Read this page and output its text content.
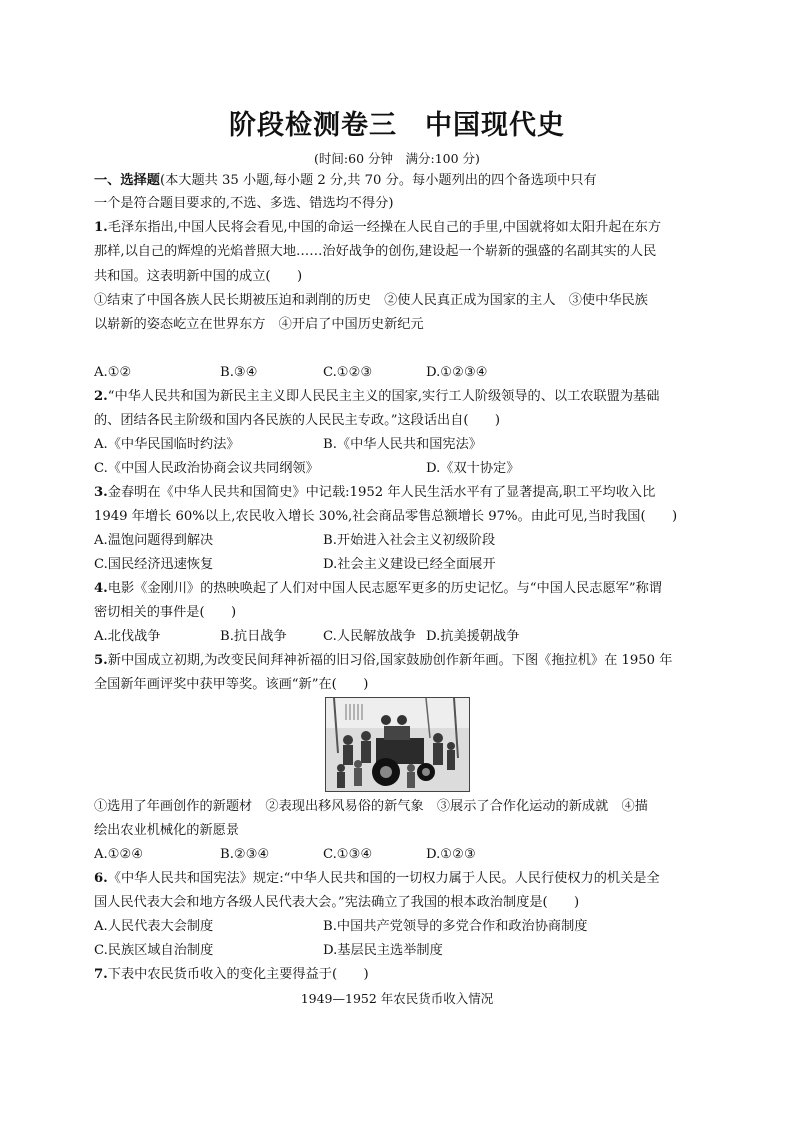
阶段检测卷三　中国现代史
(时间:60 分钟　满分:100 分)
一、选择题(本大题共 35 小题,每小题 2 分,共 70 分。每小题列出的四个备选项中只有
一个是符合题目要求的,不选、多选、错选均不得分)
1.毛泽东指出,中国人民将会看见,中国的命运一经操在人民自己的手里,中国就将如太阳升起在东方
那样,以自己的辉煌的光焰普照大地……治好战争的创伤,建设起一个崭新的强盛的名副其实的人民
共和国。这表明新中国的成立(　　)
①结束了中国各族人民长期被压迫和剥削的历史　②使人民真正成为国家的主人　③使中华民族
以崭新的姿态屹立在世界东方　④开启了中国历史新纪元
A.①②	B.③④	C.①②③	D.①②③④
2.“中华人民共和国为新民主主义即人民民主主义的国家,实行工人阶级领导的、以工农联盟为基础
的、团结各民主阶级和国内各民族的人民民主专政。”这段话出自(　　)
A.《中华民国临时约法》	B.《中华人民共和国宪法》
C.《中国人民政治协商会议共同纲领》	D.《双十协定》
3.金春明在《中华人民共和国简史》中记载:1952 年人民生活水平有了显著提高,职工平均收入比
1949 年增长 60%以上,农民收入增长 30%,社会商品零售总额增长 97%。由此可见,当时我国(　　)
A.温饱问题得到解决	B.开始进入社会主义初级阶段
C.国民经济迅速恢复	D.社会主义建设已经全面展开
4.电影《金刚川》的热映唤起了人们对中国人民志愿军更多的历史记忆。与“中国人民志愿军”称谓
密切相关的事件是(　　)
A.北伐战争	B.抗日战争	C.人民解放战争 D.抗美援朝战争
5.新中国成立初期,为改变民间拜神祈福的旧习俗,国家鼓励创作新年画。下图《拖拉机》在 1950 年
全国新年画评奖中获甲等奖。该画“新”在(　　)
①选用了年画创作的新题材　②表现出移风易俗的新气象　③展示了合作化运动的新成就　④描
绘出农业机械化的新愿景
A.①②④	B.②③④	C.①③④	D.①②③
6.《中华人民共和国宪法》规定:“中华人民共和国的一切权力属于人民。人民行使权力的机关是全
国人民代表大会和地方各级人民代表大会。”宪法确立了我国的根本政治制度是(　　)
A.人民代表大会制度	B.中国共产党领导的多党合作和政治协商制度
C.民族区域自治制度	D.基层民主选举制度
7.下表中农民货币收入的变化主要得益于(　　)
1949—1952 年农民货币收入情况
